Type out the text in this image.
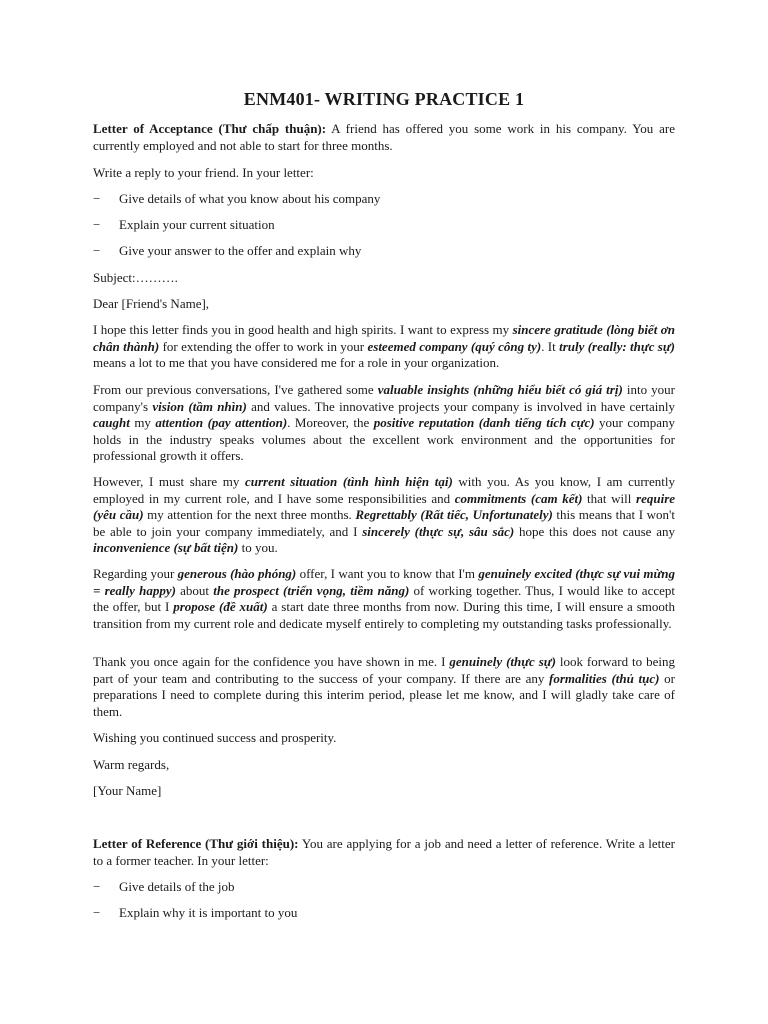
ENM401- WRITING PRACTICE 1

Letter of Acceptance (Thư chấp thuận): A friend has offered you some work in his company. You are currently employed and not able to start for three months.

Write a reply to your friend. In your letter:
−	Give details of what you know about his company
−	Explain your current situation
−	Give your answer to the offer and explain why
Subject:……….
Dear [Friend's Name],

I hope this letter finds you in good health and high spirits. I want to express my sincere gratitude (lòng biết ơn chân thành) for extending the offer to work in your esteemed company (quý công ty). It truly (really: thực sự) means a lot to me that you have considered me for a role in your organization.

From our previous conversations, I've gathered some valuable insights (những hiểu biết có giá trị) into your company's vision (tầm nhìn) and values. The innovative projects your company is involved in have certainly caught my attention (pay attention). Moreover, the positive reputation (danh tiếng tích cực) your company holds in the industry speaks volumes about the excellent work environment and the opportunities for professional growth it offers.

However, I must share my current situation (tình hình hiện tại) with you. As you know, I am currently employed in my current role, and I have some responsibilities and commitments (cam kết) that will require (yêu cầu) my attention for the next three months. Regrettably (Rất tiếc, Unfortunately) this means that I won't be able to join your company immediately, and I sincerely (thực sự, sâu sắc) hope this does not cause any inconvenience (sự bất tiện) to you.

Regarding your generous (hào phóng) offer, I want you to know that I'm genuinely excited (thực sự vui mừng = really happy) about the prospect (triển vọng, tiềm năng) of working together. Thus, I would like to accept the offer, but I propose (đề xuất) a start date three months from now. During this time, I will ensure a smooth transition from my current role and dedicate myself entirely to completing my outstanding tasks professionally.

Thank you once again for the confidence you have shown in me. I genuinely (thực sự) look forward to being part of your team and contributing to the success of your company. If there are any formalities (thủ tục) or preparations I need to complete during this interim period, please let me know, and I will gladly take care of them.

Wishing you continued success and prosperity.
Warm regards,
[Your Name]

Letter of Reference (Thư giới thiệu): You are applying for a job and need a letter of reference. Write a letter to a former teacher. In your letter:

−	Give details of the job
−	Explain why it is important to you
